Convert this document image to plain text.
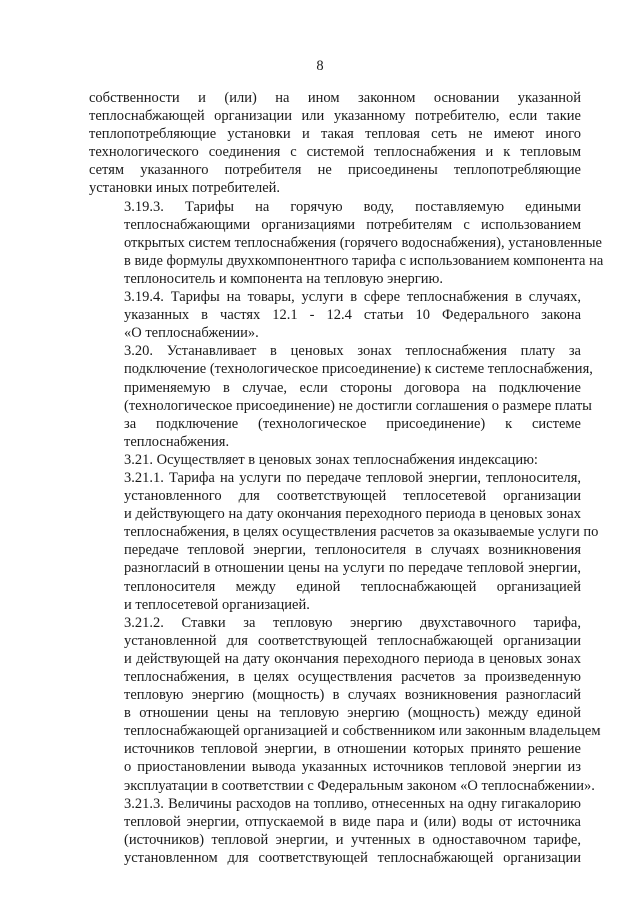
8

собственности и (или) на ином законном основании указанной
теплоснабжающей организации или указанному потребителю, если такие
теплопотребляющие установки и такая тепловая сеть не имеют иного
технологического соединения с системой теплоснабжения и к тепловым
сетям указанного потребителя не присоединены теплопотребляющие
установки иных потребителей.

3.19.3. Тарифы на горячую воду, поставляемую едиными
теплоснабжающими организациями потребителям с использованием
открытых систем теплоснабжения (горячего водоснабжения), установленные
в виде формулы двухкомпонентного тарифа с использованием компонента на
теплоноситель и компонента на тепловую энергию.

3.19.4. Тарифы на товары, услуги в сфере теплоснабжения в случаях,
указанных в частях 12.1 - 12.4 статьи 10 Федерального закона
«О теплоснабжении».

3.20. Устанавливает в ценовых зонах теплоснабжения плату за
подключение (технологическое присоединение) к системе теплоснабжения,
применяемую в случае, если стороны договора на подключение
(технологическое присоединение) не достигли соглашения о размере платы
за подключение (технологическое присоединение) к системе
теплоснабжения.

3.21. Осуществляет в ценовых зонах теплоснабжения индексацию:

3.21.1. Тарифа на услуги по передаче тепловой энергии, теплоносителя,
установленного для соответствующей теплосетевой организации
и действующего на дату окончания переходного периода в ценовых зонах
теплоснабжения, в целях осуществления расчетов за оказываемые услуги по
передаче тепловой энергии, теплоносителя в случаях возникновения
разногласий в отношении цены на услуги по передаче тепловой энергии,
теплоносителя между единой теплоснабжающей организацией
и теплосетевой организацией.

3.21.2. Ставки за тепловую энергию двухставочного тарифа,
установленной для соответствующей теплоснабжающей организации
и действующей на дату окончания переходного периода в ценовых зонах
теплоснабжения, в целях осуществления расчетов за произведенную
тепловую энергию (мощность) в случаях возникновения разногласий
в отношении цены на тепловую энергию (мощность) между единой
теплоснабжающей организацией и собственником или законным владельцем
источников тепловой энергии, в отношении которых принято решение
о приостановлении вывода указанных источников тепловой энергии из
эксплуатации в соответствии с Федеральным законом «О теплоснабжении».

3.21.3. Величины расходов на топливо, отнесенных на одну гигакалорию
тепловой энергии, отпускаемой в виде пара и (или) воды от источника
(источников) тепловой энергии, и учтенных в одноставочном тарифе,
установленном для соответствующей теплоснабжающей организации
